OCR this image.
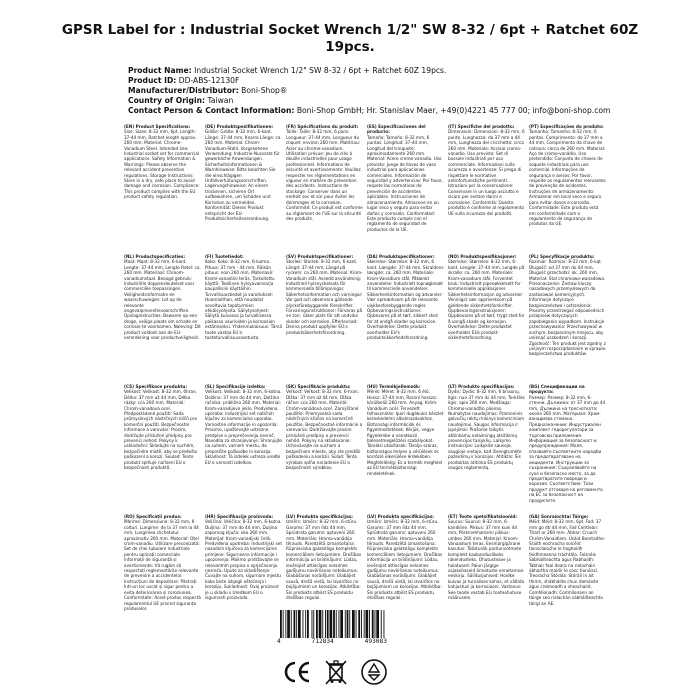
GPSR Label for : Industrial Socket Wrench 1/2" SW 8-32 / 6pt + Ratchet 60Z 19pcs.
Product Name: Industrial Socket Wrench 1/2" SW 8-32 / 6pt + Ratchet 60Z 19pcs.
Product ID: DD-ABS-12130F
Manufacturer/Distributor: Boni-Shop®
Country of Origin: Taiwan
Contact Person & Contact Information: Boni-Shop GmbH; Hr. Stanislav Maer, +49(0)4221 45 777 00; info@boni-shop.com
(EN) Product Specifications:

Size: Sizes: 8-32 mm, 6pt. Length: 37-44 mm, Ratchet length approx. 260 mm. Material: Chrome-Vanadium Steel. Intended Use: Industrial socket set for commercial applications. Safety Information & Warnings: Please observe the relevant accident prevention regulations. Storage Instructions: Store in a dry, safe place to avoid damage and corrosion. Compliance: This product complies with the EU product safety regulation.

(DE) Produktspezifikationen:

Größe: Größe: 8-32 mm, 6-kant. Länge: 37-44 mm, Knarre Länge: ca. 260 mm. Material: Chrom-Vanadium-Stahl. Vorgesehene Verwendung: Industrie-Nusssatz für gewerbliche Anwendungen. Sicherheitsinformationen & Warnhinweise: Bitte beachten Sie die einschlägigen Unfallverhütungsvorschriften. Lagerungshinweise: An einem trockenen, sicheren Ort aufbewahren, um Schäden und Korrosion zu vermeiden. Konformität: Dieses Produkt entspricht der EU-Produktsicherheitsverordnung.

(FR) Spécifications du produit:

Taille: Taille: 8-32 mm, 6 pans. Longueur: 37-44 mm, Longueur du cliquet: environ 260 mm. Matériau: Acier au chrome-vanadium. Utilisation prévue: Jeu de clés à douille industrielles pour usage professionnel. Informations de sécurité et avertissements: Veuillez respecter les réglementations en vigueur en matière de prévention des accidents. Instructions de stockage: Conserver dans un endroit sec et sûr pour éviter les dommages et la corrosion. Conformité: Ce produit est conforme au règlement de l'UE sur la sécurité des produits.

(ES) Especificaciones del producto:

Tamaño: Tamaño: 8-32 mm, 6 puntas. Longitud: 37-44 mm, Longitud del trinquete: aproximadamente 260 mm. Material: Acero cromo-vanadio. Uso previsto: Juego de llaves de vaso industrial para aplicaciones comerciales. Información de seguridad y advertencias: Por favor, respete las normativas de prevención de accidentes aplicables. Instrucciones de almacenamiento: Almacene en un lugar seco y seguro para evitar daños y corrosión. Conformidad: Este producto cumple con el reglamento de seguridad de productos de la UE.

(IT) Specifiche del prodotto:

Dimensioni: Dimensioni: 8-32 mm, 6 punte. Lunghezza: da 37 mm a 44 mm, Lunghezza del cricchetto: circa 260 mm. Materiale: Acciaio cromo-vanadio. Uso previsto: Set di bussole industriali per uso commerciale. Informazioni sulla sicurezza e avvertenze: Si prega di rispettare le normative antinfortunistiche pertinenti. Istruzioni per la conservazione: Conservare in un luogo asciutto e sicuro per evitare danni e corrosione. Conformità: Questo prodotto è conforme al regolamento UE sulla sicurezza dei prodotti.

(PT) Especificações do produto:

Tamanho: Tamanho: 8-32 mm, 6 pontas. Comprimento: de 37 mm a 44 mm, Comprimento da chave de catraca: cerca de 260 mm. Material: Aço de cromo-vanádio. Uso pretendido: Conjunto de chaves de soquete industriais para uso comercial. Informações de segurança e avisos: Por favor, respeite os regulamentos relevantes de prevenção de acidentes. Instruções de armazenamento: Armazenar em local seco e seguro para evitar danos e corrosão. Conformidade: Este produto está em conformidade com o regulamento de segurança de produtos da UE.

(NL) Productspecificaties:

Maat: Maat: 8-32 mm, 6-kant. Lengte: 37-44 mm, Lengte Ratel: ca. 260 mm. Materiaal: Chroom-vanadiumstaal. Beoogd gebruik: Industriële doppensleutelset voor commerciële toepassingen. Veiligheidsinformatie en waarschuwingen: Let op de relevante ongevalpreventievoorschriften. Opslaginstructies: Bewaren op een droge, veilige plaats om schade en corrosie te voorkomen. Naleving: Dit product voldoet aan de EU-verordening voor productveiligheid.

(FI) Tuotetiedot:

Koko: Koko: 8-32 mm, 6-kulma. Pituus: 37 mm - 44 mm, Räikän pituus: noin 260 mm. Materiaali: Kromi-vanadiini teräs. Tarkoitettu käyttö: Teollinen hylsyavainsarja kaupallisiin käyttöihin. Turvallisuustiedot ja varoitukset: Huomioithan, että noudatat soveltuvia tapaturmien ehkäisyohjeita. Säilytysohjeet: Säilytä kuivassa ja turvallisessa paikassa vaurioiden ja korroosion estämiseksi. Yhdenmukaisuus: Tämä tuote vastaa EU:n tuoteturvallisuusasetusta.

(SV) Produktspecifikationer:

Storlek: Storlek: 8-32 mm, 6-kant. Längd: 37-44 mm, Längd på ryckeln: ca 260 mm. Material: Krom-Vanadium stål. Avsedd användning: Industriell hylsnyckelsats för kommersiella tillämpningar. Säkerhetsinformation och varningar: Var god och observera gällande olycksförebyggande föreskrifter. Förvaringsinstruktioner: Förvaras på en torr, säker plats för att undvika skador och korrosion. Efterlevnad: Denna produkt uppfyller EU:s produktsäkerhetsförordning.

(DA) Produktspecifikationer:

Størrelse: Størrelse: 8-32 mm, 6 kant. Længde: 37-44 mm, Skraldens længde: ca. 260 mm. Materiale: Krom-Vanadium stål. Påtænkt anvendelse: Industrielt topnøglesæt til kommercielle anvendelser. Sikkerhedsinformation og advarsler: Vær opmærksom på de relevante ulykkesforebyggende regler. Opbevaringsinstruktioner: Opbevares på et tørt, sikkert sted for at undgå skader og korrosion. Overholdelse: Dette produkt overholder EU's produktsikkerhedsforordning.

(NO) Produktspesifikasjoner:

Størrelse: Størrelse: 8-32 mm, 6-kant. Lengde: 37-44 mm, Lengde på skralle: ca. 260 mm. Materiale: Krom-vanadium stål. Forventet bruk: Industrielt pipenøkkelsett for kommersielle applikasjoner. Sikkerhetsinformasjon og advarsler: Vennligst vær oppmerksom på gjeldende sikkerhetsforskrifter. Oppbevaringsinstruksjoner: Oppbevares på et tørt, trygt sted for å unngå skade og korrosjon. Overholdelse: Dette produktet overholder EUs produkt-sikkerhetsforordning.

(PL) Specyfikacje produktu:

Rozmiar: Rozmiar: 8-32 mm, 6-kąt. Długość: od 37 mm do 44 mm, Długość grzechotki: ok. 260 mm. Materiał: Stal chromowo-wanadowa. Przeznaczenie: Zestaw kluczy nasadowych przemysłowych do zastosowań komercyjnych. Informacje dotyczące bezpieczeństwa i ostrzeżenia: Prosimy przestrzegać odpowiednich przepisów dotyczących zapobiegania wypadkom. Instrukcje przechowywania: Przechowywać w suchym, bezpiecznym miejscu, aby uniknąć uszkodzeń i korozji. Zgodność: Ten produkt jest zgodny z unijnym rozporządzeniem w sprawie bezpieczeństwa produktów.

(CS) Specifikace produktu:

Velikost: Velikost: 8-32 mm, 6hran. Délka: 37 mm až 44 mm, Délka rázky: cca 260 mm. Materiál: Chrom-vanadová ocel. Předpokládané použití: Sada průmyslových nástrčných klíčů pro komerční použití. Bezpečnostní informace a varování: Prosím, dodržujte příslušné předpisy pro prevenci nehod. Pokyny k uskladnění: Skladujte na suchém, bezpečném místě, aby se předešlo poškození a korozi. Soulad: Tento produkt splňuje nařízení EU o bezpečnosti produktů.

(SL) Specifikacije izdelka:

Velikost: Velikost: 8-32 mm, 6-kotna. Dolžina: 37 mm do 44 mm, Dolžina račnika: približno 260 mm. Material: Krom-vanadijevo jeklo. Predvidena uporaba: Industrijski set natičnih ključev za komercialno uporabo. Varnostne informacije in opozorila: Prosimo, upoštevajte ustrezne predpise o preprečevanju nesreč. Navodila za shranjevanje: Shranjujte na suhem, varnem mestu, da preprečite poškodbe in korozijo. Skladnost: Ta izdelek ustreza uredbi EU o varnosti izdelkov.

(SK) Špecifikácie produktu:

Veľkosť: Veľkosť: 8-32 mm, 6-hran. Dĺžka: 37 mm až 44 mm, Dĺžka ráčne: cca 260 mm. Materiál: Chróm-vanádová oceľ. Zamýšľané použitie: Priemyselná sada nástrčných kľúčov na komerčné použitie. Bezpečnostné informácie a varovania: Dodržiavajte prosím príslušné predpisy o prevencii nehôd. Pokyny na skladovanie: Uchovávajte na suchom a bezpečnom mieste, aby ste predišli poškodeniu a korózii. Súlad: Tento výrobok spĺňa nariadenie EÚ o bezpečnosti výrobkov.

(HU) Termékjellemzők:

Méret: Méret: 8-32 mm, 6 élű. Hossz: 37-44 mm, Racsni hossza: körülbelül 260 mm. Anyag: Króm-Vanádium acél. Tervezett felhasználás: Ipari dugókulcs készlet kereskedelmi alkalmazásokhoz. Biztonsági információk és figyelmeztetések: Kérjük, vegye figyelembe a vonatkozó balesetmegelőzési szabályokat. Tárolási utasítások: Tárolja száraz, biztonságos helyen a sérülések és korrózió elkerülése érdekében. Megfelelőség: Ez a termék megfelel az EU termékbiztonsági rendeletének.

(LT) Produkto specifikacijos:

Dydis: Dydis: 8-32 mm, 6 briaunų. Ilgis: nuo 37 mm iki 44 mm, Terkšlės ilgis: apie 260 mm. Medžiaga: Chromo-vanadžio plienas. Numatytas naudojimas: Pramoninis galvučių raktų rinkinys komerciniam naudojimui. Saugos informacija ir įspėjimai: Prašome laikytis atitinkamų nelaimingų atsitikimų prevencijos taisyklių. Laikymo instrukcijos: Laikykite sausoje, saugioje vietoje, kad išvengtumėte pažeidimų ir korozijos. Atitiktis: Šis produktas atitinka ES produktų saugos reglamentą.

(BG) Спецификации на продукта:

Размер: Размер: 8-32 mm, 6-стенни. Дължина: от 37 mm до 44 mm, Дължина на тресчотката: около 260 mm. Материал: Хром-ванадиева стомана. Предназначение: Индустриален комплект гедорегулатори за търговски приложения. Информация за безопасност и предупреждения: Моля, спазвайте съответните наредби за предотвратяване на инциденти. Инструкции за съхранение: Съхранявайте на сухо и безопасно място, за да предотвратите повреди и корозия. Съответствие: Този продукт отговаря на регламента на ЕС за безопасност на продуктите.

(RO) Specificații produs:

Mărime: Dimensiune: 8-32 mm, 6 colțuri. Lungime: de la 37 mm la 44 mm, Lungimea clichetului: aproximativ 260 mm. Material: Oțel crom-vanadiu. Utilizare preconizată: Set de chei tubulare industriale pentru aplicații comerciale. Informații de siguranță și avertismente: Vă rugăm să respectați reglementările relevante de prevenire a accidentelor. Instrucțiuni de depozitare: Păstrați într-un loc uscat și sigur pentru a evita deteriorarea și coroziunea. Conformitate: Acest produs respectă regulamentul UE privind siguranța produselor.

(HR) Specifikacije proizvoda:

Veličina: Veličina: 8-32 mm, 6-kutna. Duljina: 37 mm do 44 mm, Duljina zapornog ključa: oko 260 mm. Materijal: Krom-vanadijski čelik. Predviđena upotreba: Industrijski set nasadnih ključeva za komercijalne primjene. Sigurnosne informacije i upozorenja: Molimo pridržavajte se relevantnih propisa o sprječavanju nesreća. Upute za skladištenje: Čuvajte na suhom, sigurnom mjestu kako biste izbjegli oštećenja i koroziju. Sukladnost: Ovaj proizvod je u skladu s Uredbom EU o sigurnosti proizvoda.

(LV) Produkta specifikācijas:

Izmērs: Izmērs: 8-32 mm, 6-stūru. Garums: 37 mm līdz 44 mm, Sprūdrata garums: aptuveni 260 mm. Materiāls: Hroma-vanādija tērauds. Paredzētā izmantošana: Rūpnieciska galatslēgu komplekts komerciāliem lietojumiem. Drošības informācija un brīdinājumi: Lūdzu, ievērojiet attiecīgos nelaimes gadījumu novēršanas noteikumus. Glabāšanas norādījumi: Glabājiet sausā, drošā vietā, lai izvairītos no bojājumiem un korozijas. Atbilstība: Šis produkts atbilst ES produktu drošības regulai.

(LV) Produkta specifikācijas:

Izmērs: Izmērs: 8-32 mm, 6-stūru. Garums: 37 mm līdz 44 mm, Sprūdrata garums: aptuveni 260 mm. Materiāls: Hroma-vanādija tērauds. Paredzētā izmantošana: Rūpnieciska galatslēgu komplekts komerciāliem lietojumiem. Drošības informācija un brīdinājumi: Lūdzu, ievērojiet attiecīgos nelaimes gadījumu novēršanas noteikumus. Glabāšanas norādījumi: Glabājiet sausā, drošā vietā, lai izvairītos no bojājumiem un korozijas. Atbilstība: Šis produkts atbilst ES produktu drošības regulai.

(ET) Toote spetsifikatsioonid:

Suurus: Suurus: 8-32 mm, 6-kandiline. Pikkus: 37 mm kuni 44 mm, Põrkmehhanismi pikkus: umbes 260 mm. Materjal: Kroom-Vanaadium teras. Eesmärgipärane kasutus: Tööstuslik padrunvõtmete komplekt kaubanduslikeks rakendusteks. Ohutusteave ja hoiatused: Palun järgige asjakohaseid õnnetuste ennetamise eeskirju. Säilitusjuhised: Hoidke kuivas ja turvalises kohas, et vältida kahjustusi ja korrosiooni. Vastavus: See toode vastab ELi tooteohutuse määrusele.

(GA) Sonraíochtaí Táirge:

Méid: Méid: 8-32 mm, 6pt. Fad: 37 mm go dtí 44 mm, Fad Ceirtleán: Thart ar 260 mm. Ábhar: Cruach Chróm-Vanaidiam. Úsáid Beartaithe: Sraith eochracha soicéid tionsclaíocha le haghaidh feidhmeanna tráchtála. Faisnéis Sábháilteachta agus Rabhaidh: Tabhair faoi deara na rialacháin ábhartha maidir le cosc tionóiscí. Treoracha Stórála: Stóráil in áit thirim, shábháilte chun damáiste agus creimeadh a sheachaint. Comhlíonadh: Comhlíonann an táirge seo rialachán sábháilteachta táirgí an AE.

4	712834	493083
